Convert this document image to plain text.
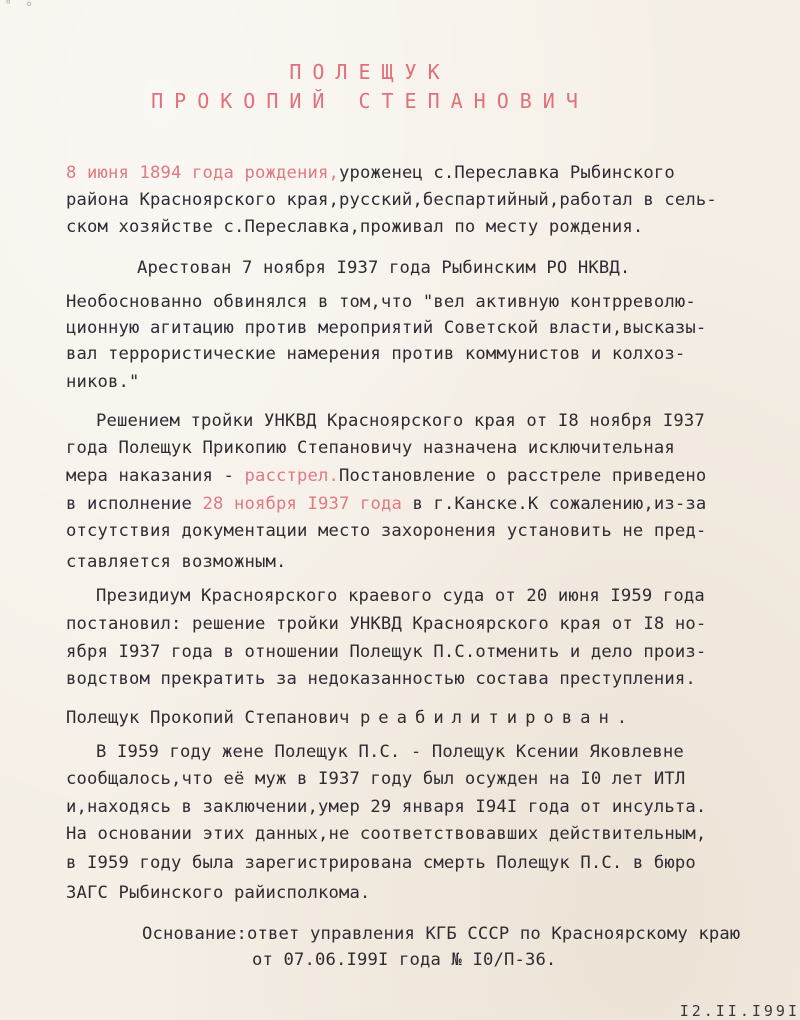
˚ °
ПОЛЕЩУК
ПРОКОПИЙ СТЕПАНОВИЧ
8 июня 1894 года рождения,уроженец с.Переславка Рыбинского
района Красноярского края,русский,беспартийный,работал в сель-
ском хозяйстве с.Переславка,проживал по месту рождения.
Арестован 7 ноября I937 года Рыбинским РО НКВД.
Необоснованно обвинялся в том,что "вел активную контрреволю-
ционную агитацию против мероприятий Советской власти,высказы-
вал террористические намерения против коммунистов и колхоз-
ников."
Решением тройки УНКВД Красноярского края от I8 ноября I937
года Полещук Прикопию Степановичу назначена исключительная
мера наказания - расстрел.Постановление о расстреле приведено
в исполнение 28 ноября I937 года в г.Канске.К сожалению,из-за
отсутствия документации место захоронения установить не пред-
ставляется возможным.
Президиум Красноярского краевого суда от 20 июня I959 года
постановил: решение тройки УНКВД Красноярского края от I8 но-
ября I937 года в отношении Полещук П.С.отменить и дело произ-
водством прекратить за недоказанностью состава преступления.
Полещук Прокопий Степанович реабилитирован.
В I959 году жене Полещук П.С. - Полещук Ксении Яковлевне
сообщалось,что её муж в I937 году был осужден на I0 лет ИТЛ
и,находясь в заключении,умер 29 января I94I года от инсульта.
На основании этих данных,не соответствовавших действительным,
в I959 году была зарегистрирована смерть Полещук П.С. в бюро
ЗАГС Рыбинского райисполкома.
Основание:ответ управления КГБ СССР по Красноярскому краю
от 07.06.I99I года № I0/П-36.
I2.II.I99I
